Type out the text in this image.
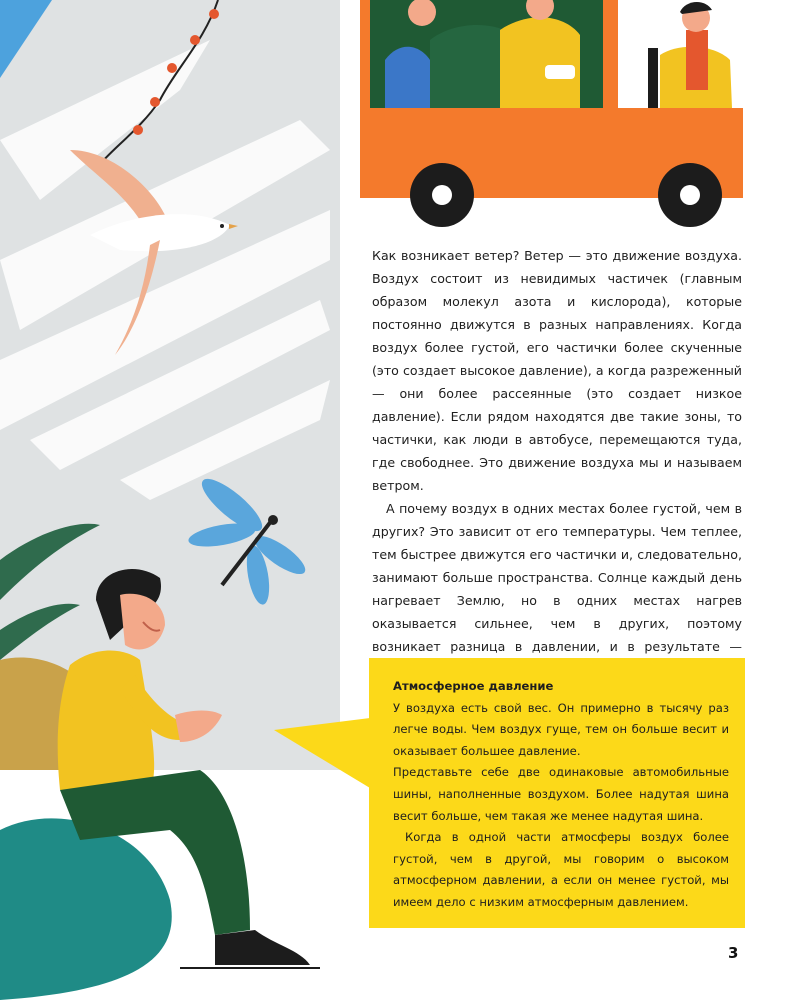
Как возникает ветер? Ветер — это движение воздуха. Воздух состоит из невидимых частичек (главным образом молекул азота и кислорода), которые постоянно движутся в разных направлениях. Когда воздух более густой, его частички более скученные (это создает высокое давление), а когда разреженный — они более рассеянные (это создает низкое давление). Если рядом находятся две такие зоны, то частички, как люди в автобусе, перемещаются туда, где свободнее. Это движение воздуха мы и называем ветром.

А почему воздух в одних местах более густой, чем в других? Это зависит от его температуры. Чем теплее, тем быстрее движутся его частички и, следовательно, занимают больше пространства. Солнце каждый день нагревает Землю, но в одних местах нагрев оказывается сильнее, чем в других, поэтому возникает разница в давлении, и в результате —

Атмосферное давление

У воздуха есть свой вес. Он примерно в тысячу раз легче воды. Чем воздух гуще, тем он больше весит и оказывает большее давление.

Представьте себе две одинаковые автомобильные шины, наполненные воздухом. Более надутая шина весит больше, чем такая же менее надутая шина.

Когда в одной части атмосферы воздух более густой, чем в другой, мы говорим о высоком атмосферном давлении, а если он менее густой, мы имеем дело с низким атмосферным давлением.

3
